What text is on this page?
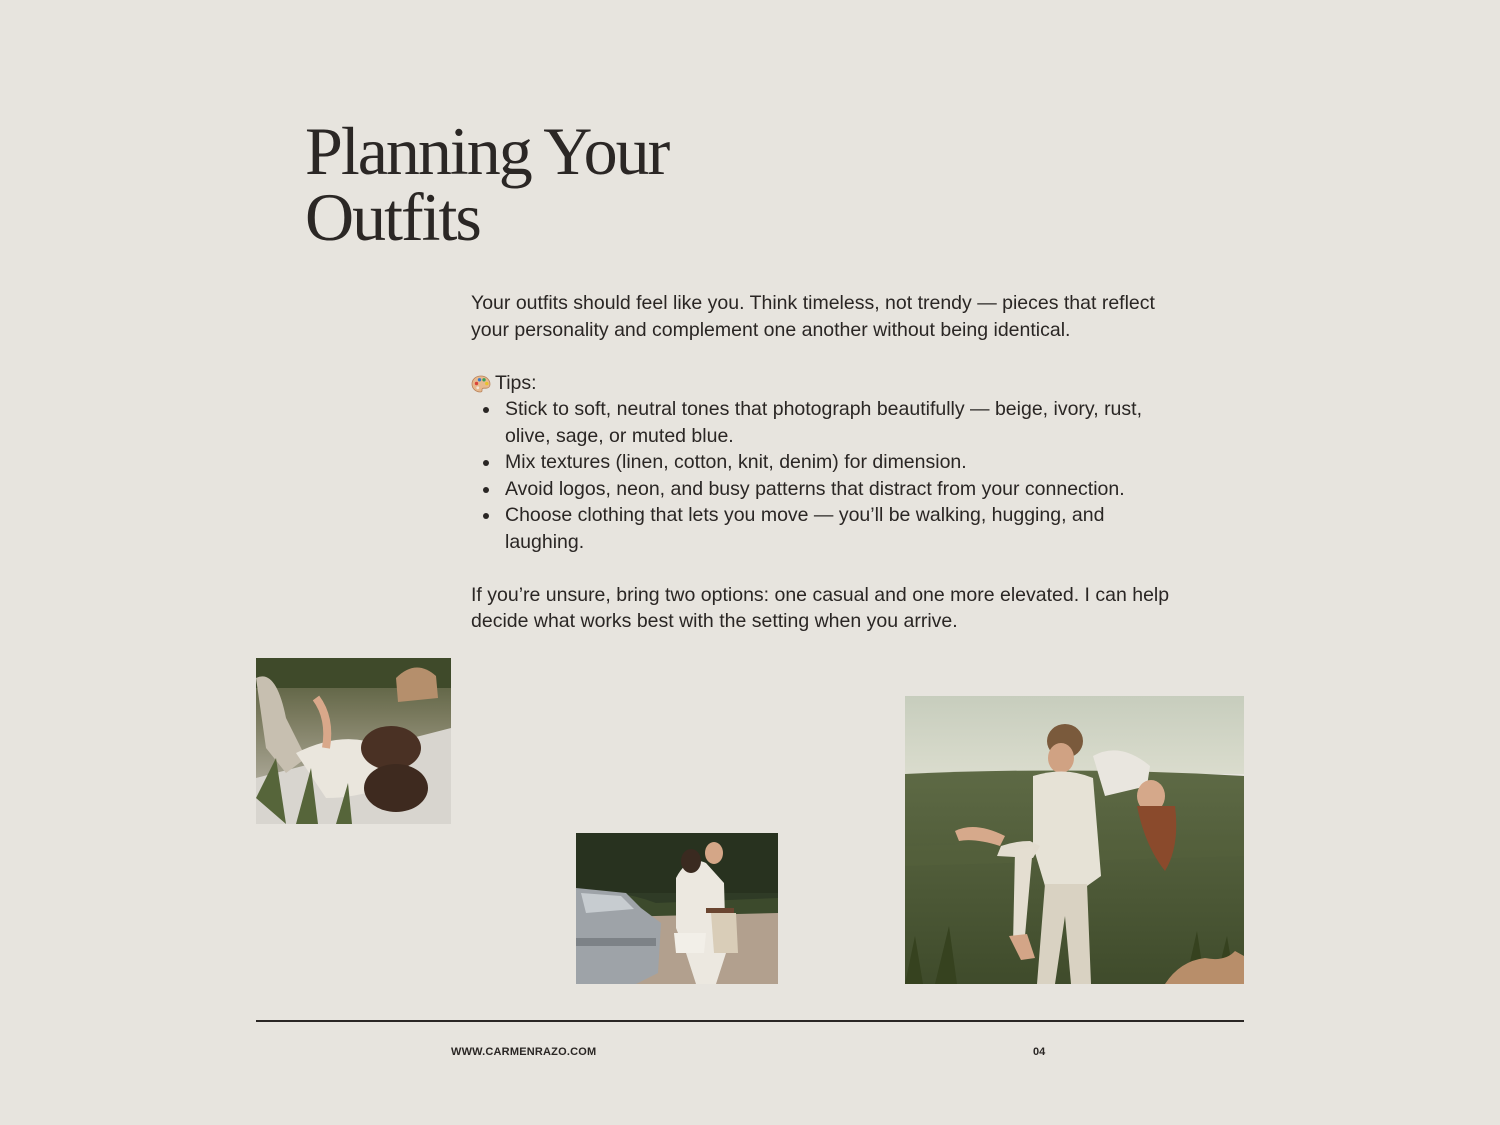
Planning Your
Outfits

Your outfits should feel like you. Think timeless, not trendy — pieces that reflect your personality and complement one another without being identical.

Tips:
Stick to soft, neutral tones that photograph beautifully — beige, ivory, rust, olive, sage, or muted blue.
Mix textures (linen, cotton, knit, denim) for dimension.
Avoid logos, neon, and busy patterns that distract from your connection.
Choose clothing that lets you move — you’ll be walking, hugging, and laughing.

If you’re unsure, bring two options: one casual and one more elevated. I can help decide what works best with the setting when you arrive.

WWW.CARMENRAZO.COM	04
